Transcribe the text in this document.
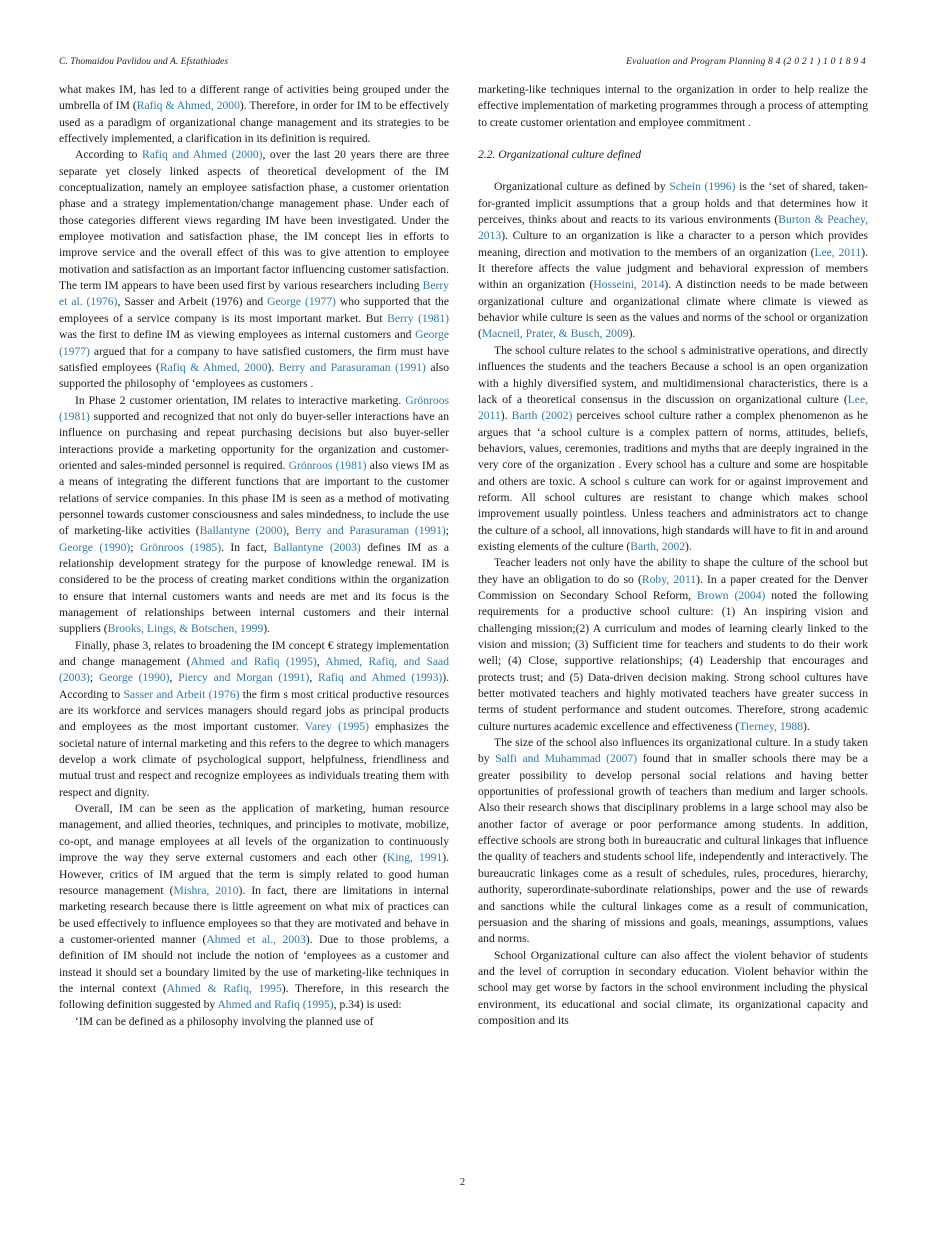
C. Thomaidou Pavlidou and A. Efstathiades	Evaluation and Program Planning 8 4 (2 0 2 1 ) 1 0 1 8 9 4

what makes IM, has led to a different range of activities being grouped under the umbrella of IM (Rafiq & Ahmed, 2000). Therefore, in order for IM to be effectively used as a paradigm of organizational change management and its strategies to be effectively implemented, a clarification in its definition is required.

According to Rafiq and Ahmed (2000), over the last 20 years there are three separate yet closely linked aspects of theoretical development of the IM conceptualization, namely an employee satisfaction phase, a customer orientation phase and a strategy implementation/change management phase. Under each of those categories different views regarding IM have been investigated. Under the employee motivation and satisfaction phase, the IM concept lies in efforts to improve service and the overall effect of this was to give attention to employee motivation and satisfaction as an important factor influencing customer satisfaction. The term IM appears to have been used first by various researchers including Berry et al. (1976), Sasser and Arbeit (1976) and George (1977) who supported that the employees of a service company is its most important market. But Berry (1981) was the first to define IM as viewing employees as internal customers and George (1977) argued that for a company to have satisfied customers, the firm must have satisfied employees (Rafiq & Ahmed, 2000). Berry and Parasuraman (1991) also supported the philosophy of ‘employees as customers .

In Phase 2 customer orientation, IM relates to interactive marketing. Grönroos (1981) supported and recognized that not only do buyer-seller interactions have an influence on purchasing and repeat purchasing decisions but also buyer-seller interactions provide a marketing opportunity for the organization and customer-oriented and sales-minded personnel is required. Grönroos (1981) also views IM as a means of integrating the different functions that are important to the customer relations of service companies. In this phase IM is seen as a method of motivating personnel towards customer consciousness and sales mindedness, to include the use of marketing-like activities (Ballantyne (2000), Berry and Parasuraman (1991); George (1990); Grönroos (1985). In fact, Ballantyne (2003) defines IM as a relationship development strategy for the purpose of knowledge renewal. IM is considered to be the process of creating market conditions within the organization to ensure that internal customers wants and needs are met and its focus is the management of relationships between internal customers and their internal suppliers (Brooks, Lings, & Botschen, 1999).

Finally, phase 3, relates to broadening the IM concept € strategy implementation and change management (Ahmed and Rafiq (1995), Ahmed, Rafiq, and Saad (2003); George (1990), Piercy and Morgan (1991), Rafiq and Ahmed (1993)). According to Sasser and Arbeit (1976) the firm s most critical productive resources are its workforce and services managers should regard jobs as principal products and employees as the most important customer. Varey (1995) emphasizes the societal nature of internal marketing and this refers to the degree to which managers develop a work climate of psychological support, helpfulness, friendliness and mutual trust and respect and recognize employees as individuals treating them with respect and dignity.

Overall, IM can be seen as the application of marketing, human resource management, and allied theories, techniques, and principles to motivate, mobilize, co-opt, and manage employees at all levels of the organization to continuously improve the way they serve external customers and each other (King, 1991). However, critics of IM argued that the term is simply related to good human resource management (Mishra, 2010). In fact, there are limitations in internal marketing research because there is little agreement on what mix of practices can be used effectively to influence employees so that they are motivated and behave in a customer-oriented manner (Ahmed et al., 2003). Due to those problems, a definition of IM should not include the notion of ‘employees as a customer and instead it should set a boundary limited by the use of marketing-like techniques in the internal context (Ahmed & Rafiq, 1995). Therefore, in this research the following definition suggested by Ahmed and Rafiq (1995), p.34) is used:

‘IM can be defined as a philosophy involving the planned use of

marketing-like techniques internal to the organization in order to help realize the effective implementation of marketing programmes through a process of attempting to create customer orientation and employee commitment .

2.2. Organizational culture defined

Organizational culture as defined by Schein (1996) is the ‘set of shared, taken-for-granted implicit assumptions that a group holds and that determines how it perceives, thinks about and reacts to its various environments (Burton & Peachey, 2013). Culture to an organization is like a character to a person which provides meaning, direction and motivation to the members of an organization (Lee, 2011). It therefore affects the value judgment and behavioral expression of members within an organization (Hosseini, 2014). A distinction needs to be made between organizational culture and organizational climate where climate is viewed as behavior while culture is seen as the values and norms of the school or organization (Macneil, Prater, & Busch, 2009).

The school culture relates to the school s administrative operations, and directly influences the students and the teachers Because a school is an open organization with a highly diversified system, and multidimensional characteristics, there is a lack of a theoretical consensus in the discussion on organizational culture (Lee, 2011). Barth (2002) perceives school culture rather a complex phenomenon as he argues that ‘a school culture is a complex pattern of norms, attitudes, beliefs, behaviors, values, ceremonies, traditions and myths that are deeply ingrained in the very core of the organization . Every school has a culture and some are hospitable and others are toxic. A school s culture can work for or against improvement and reform. All school cultures are resistant to change which makes school improvement usually pointless. Unless teachers and administrators act to change the culture of a school, all innovations, high standards will have to fit in and around existing elements of the culture (Barth, 2002).

Teacher leaders not only have the ability to shape the culture of the school but they have an obligation to do so (Roby, 2011). In a paper created for the Denver Commission on Secondary School Reform, Brown (2004) noted the following requirements for a productive school culture: (1) An inspiring vision and challenging mission;(2) A curriculum and modes of learning clearly linked to the vision and mission; (3) Sufficient time for teachers and students to do their work well; (4) Close, supportive relationships; (4) Leadership that encourages and protects trust; and (5) Data-driven decision making. Strong school cultures have better motivated teachers and highly motivated teachers have greater success in terms of student performance and student outcomes. Therefore, strong academic culture nurtures academic excellence and effectiveness (Tierney, 1988).

The size of the school also influences its organizational culture. In a study taken by Salfi and Muhammad (2007) found that in smaller schools there may be a greater possibility to develop personal social relations and having better opportunities of professional growth of teachers than medium and larger schools. Also their research shows that disciplinary problems in a large school may also be another factor of average or poor performance among students. In addition, effective schools are strong both in bureaucratic and cultural linkages that influence the quality of teachers and students school life, independently and interactively. The bureaucratic linkages come as a result of schedules, rules, procedures, hierarchy, authority, superordinate-subordinate relationships, power and the use of rewards and sanctions while the cultural linkages come as a result of communication, persuasion and the sharing of missions and goals, meanings, assumptions, values and norms.

School Organizational culture can also affect the violent behavior of students and the level of corruption in secondary education. Violent behavior within the school may get worse by factors in the school environment including the physical environment, its educational and social climate, its organizational capacity and composition and its

2
